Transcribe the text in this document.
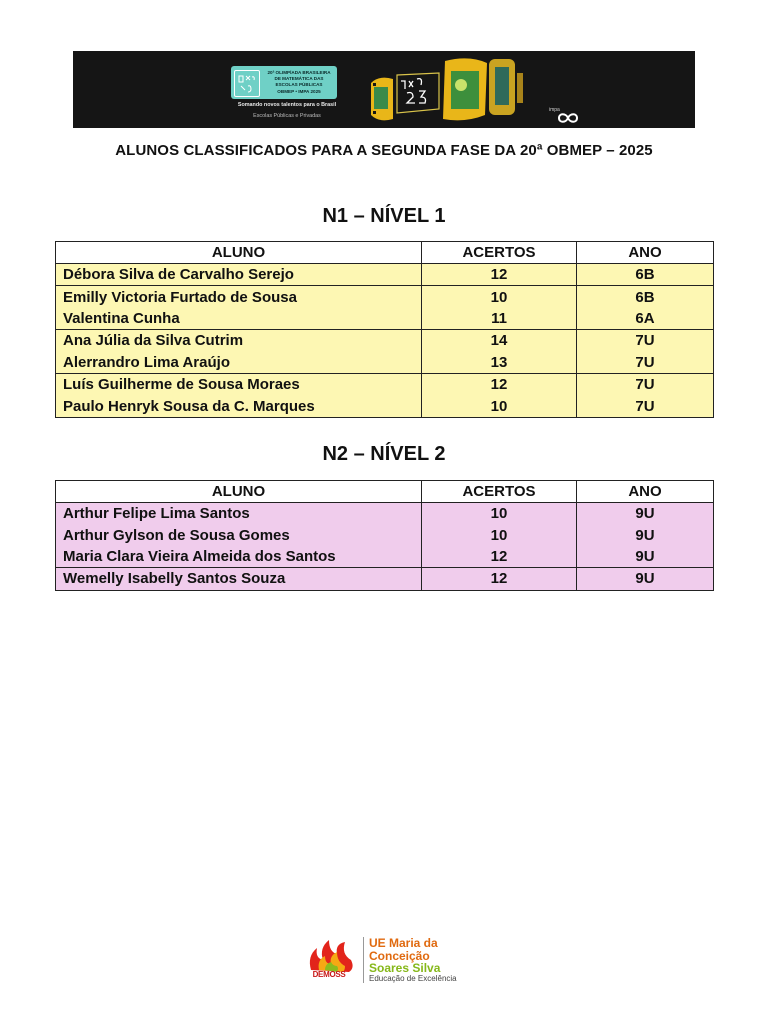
20ª OLIMPÍADA BRASILEIRA
DE MATEMÁTICA DAS
ESCOLAS PÚBLICAS
OBMEP • IMPA 2025
Somando novos talentos para o Brasil
Escolas Públicas e Privadas
impa
ALUNOS CLASSIFICADOS PARA A SEGUNDA FASE DA 20ª OBMEP – 2025
N1 – NÍVEL 1
ALUNO	ACERTOS	ANO
Débora Silva de Carvalho Serejo	12	6B
Emilly Victoria Furtado de Sousa	10	6B
Valentina Cunha	11	6A
Ana Júlia da Silva Cutrim	14	7U
Alerrandro Lima Araújo	13	7U
Luís Guilherme de Sousa Moraes	12	7U
Paulo Henryk Sousa da C. Marques	10	7U
N2 – NÍVEL 2
ALUNO	ACERTOS	ANO
Arthur Felipe Lima Santos	10	9U
Arthur Gylson de Sousa Gomes	10	9U
Maria Clara Vieira Almeida dos Santos	12	9U
Wemelly Isabelly Santos Souza	12	9U
DEMOSS
UE Maria da
Conceição
Soares Silva
Educação de Excelência
